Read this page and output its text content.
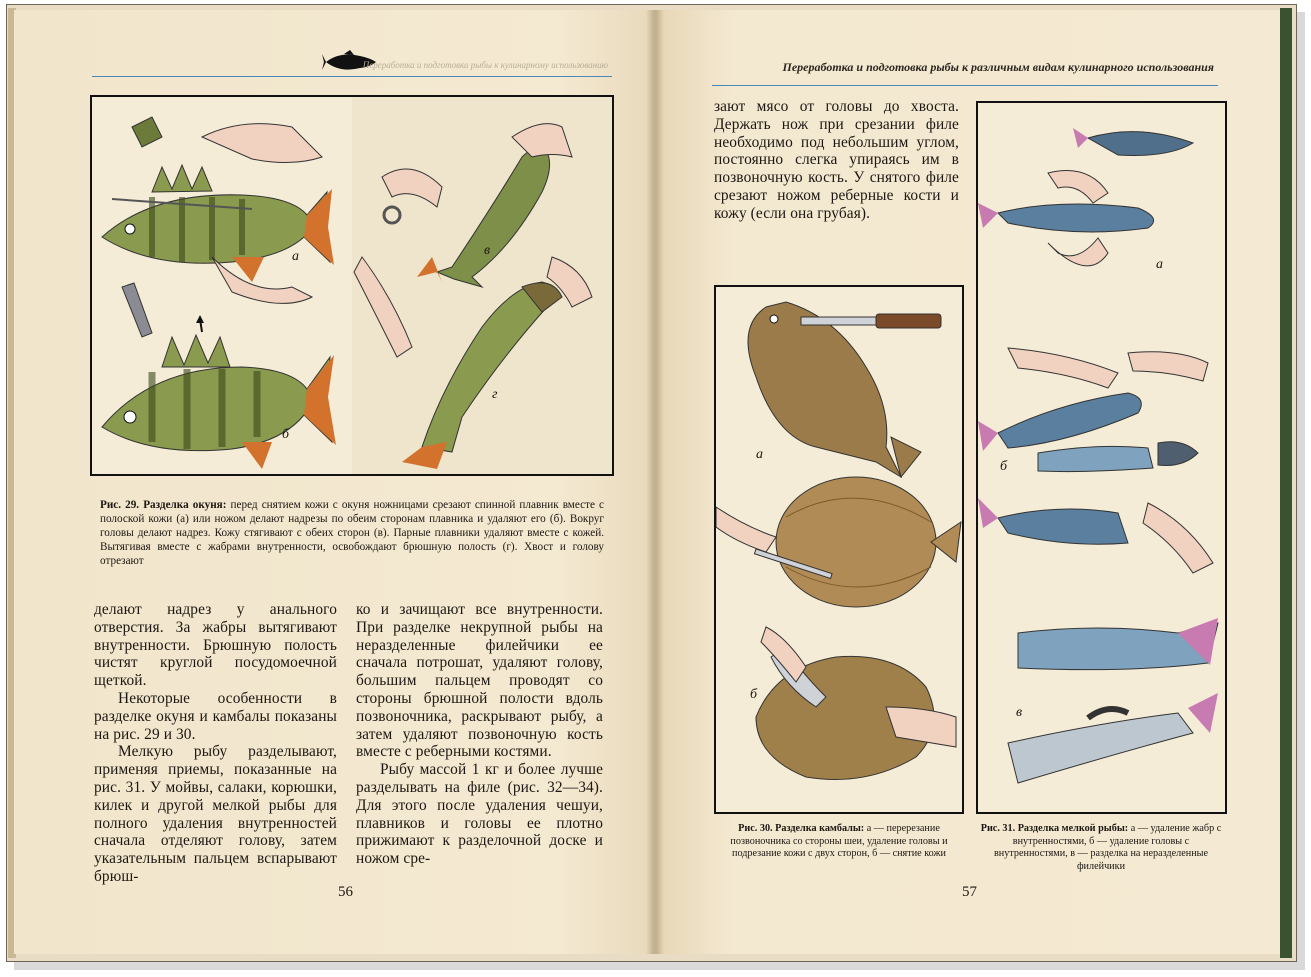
Переработка и подготовка рыбы к кулинарному использованию
а
б
в
г
Рис. 29. Разделка окуня: перед снятием кожи с окуня ножницами срезают спинной плавник вместе с полоской кожи (а) или ножом делают надрезы по обеим сторонам плавника и удаляют его (б). Вокруг головы делают надрез. Кожу стягивают с обеих сторон (в). Парные плавники удаляют вместе с кожей. Вытягивая вместе с жабрами внутренности, освобождают брюшную полость (г). Хвост и голову отрезают

делают надрез у анального отверстия. За жабры вытягивают внутренности. Брюшную полость чистят круглой посудомоечной щеткой.

Некоторые особенности в разделке окуня и камбалы показаны на рис. 29 и 30.

Мелкую рыбу разделывают, применяя приемы, показанные на рис. 31. У мойвы, салаки, корюшки, килек и другой мелкой рыбы для полного удаления внутренностей сначала отделяют голову, затем указательным пальцем вспарывают брюш-

ко и зачищают все внутренности. При разделке некрупной рыбы на неразделенные филейчики ее сначала потрошат, удаляют голову, большим пальцем проводят со стороны брюшной полости вдоль позвоночника, раскрывают рыбу, а затем удаляют позвоночную кость вместе с реберными костями.

Рыбу массой 1 кг и более лучше разделывать на филе (рис. 32—34). Для этого после удаления чешуи, плавников и головы ее плотно прижимают к разделочной доске и ножом сре-

56
Переработка и подготовка рыбы к различным видам кулинарного использования

зают мясо от головы до хвоста. Держать нож при срезании филе необходимо под небольшим углом, постоянно слегка упираясь им в позвоночную кость. У снятого филе срезают ножом реберные кости и кожу (если она грубая).

а
б
а
б
в
Рис. 30. Разделка камбалы: а — перерезание позвоночника со стороны шеи, удаление головы и подрезание кожи с двух сторон, б — снятие кожи
Рис. 31. Разделка мелкой рыбы: а — удаление жабр с внутренностями, б — удаление головы с внутренностями, в — разделка на неразделенные филейчики
57
